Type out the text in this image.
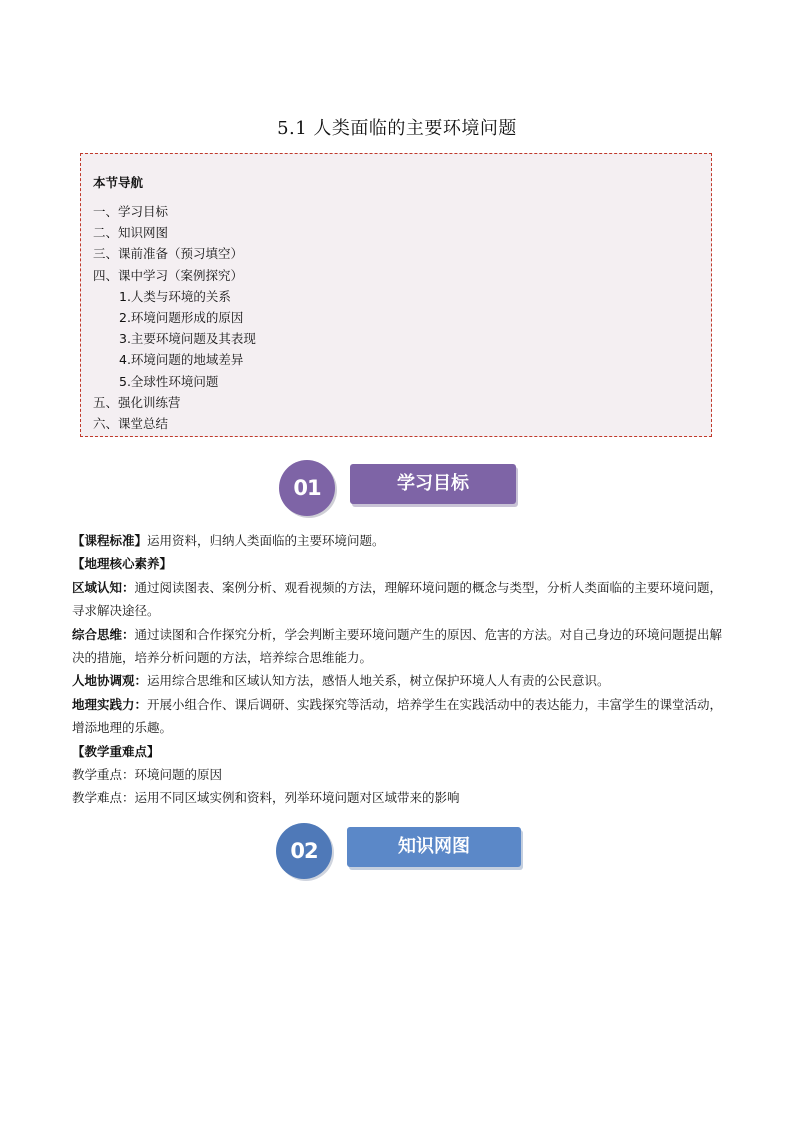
5.1 人类面临的主要环境问题
本节导航
一、学习目标
二、知识网图
三、课前准备（预习填空）
四、课中学习（案例探究）
1.人类与环境的关系
2.环境问题形成的原因
3.主要环境问题及其表现
4.环境问题的地域差异
5.全球性环境问题
五、强化训练营
六、课堂总结
01	学习目标

【课程标准】运用资料，归纳人类面临的主要环境问题。

【地理核心素养】

区域认知：通过阅读图表、案例分析、观看视频的方法，理解环境问题的概念与类型，分析人类面临的主要环境问题，寻求解决途径。

综合思维：通过读图和合作探究分析，学会判断主要环境问题产生的原因、危害的方法。对自己身边的环境问题提出解决的措施，培养分析问题的方法，培养综合思维能力。

人地协调观：运用综合思维和区域认知方法，感悟人地关系，树立保护环境人人有责的公民意识。

地理实践力：开展小组合作、课后调研、实践探究等活动，培养学生在实践活动中的表达能力，丰富学生的课堂活动，增添地理的乐趣。

【教学重难点】

教学重点：环境问题的原因

教学难点：运用不同区域实例和资料，列举环境问题对区域带来的影响

02	知识网图
